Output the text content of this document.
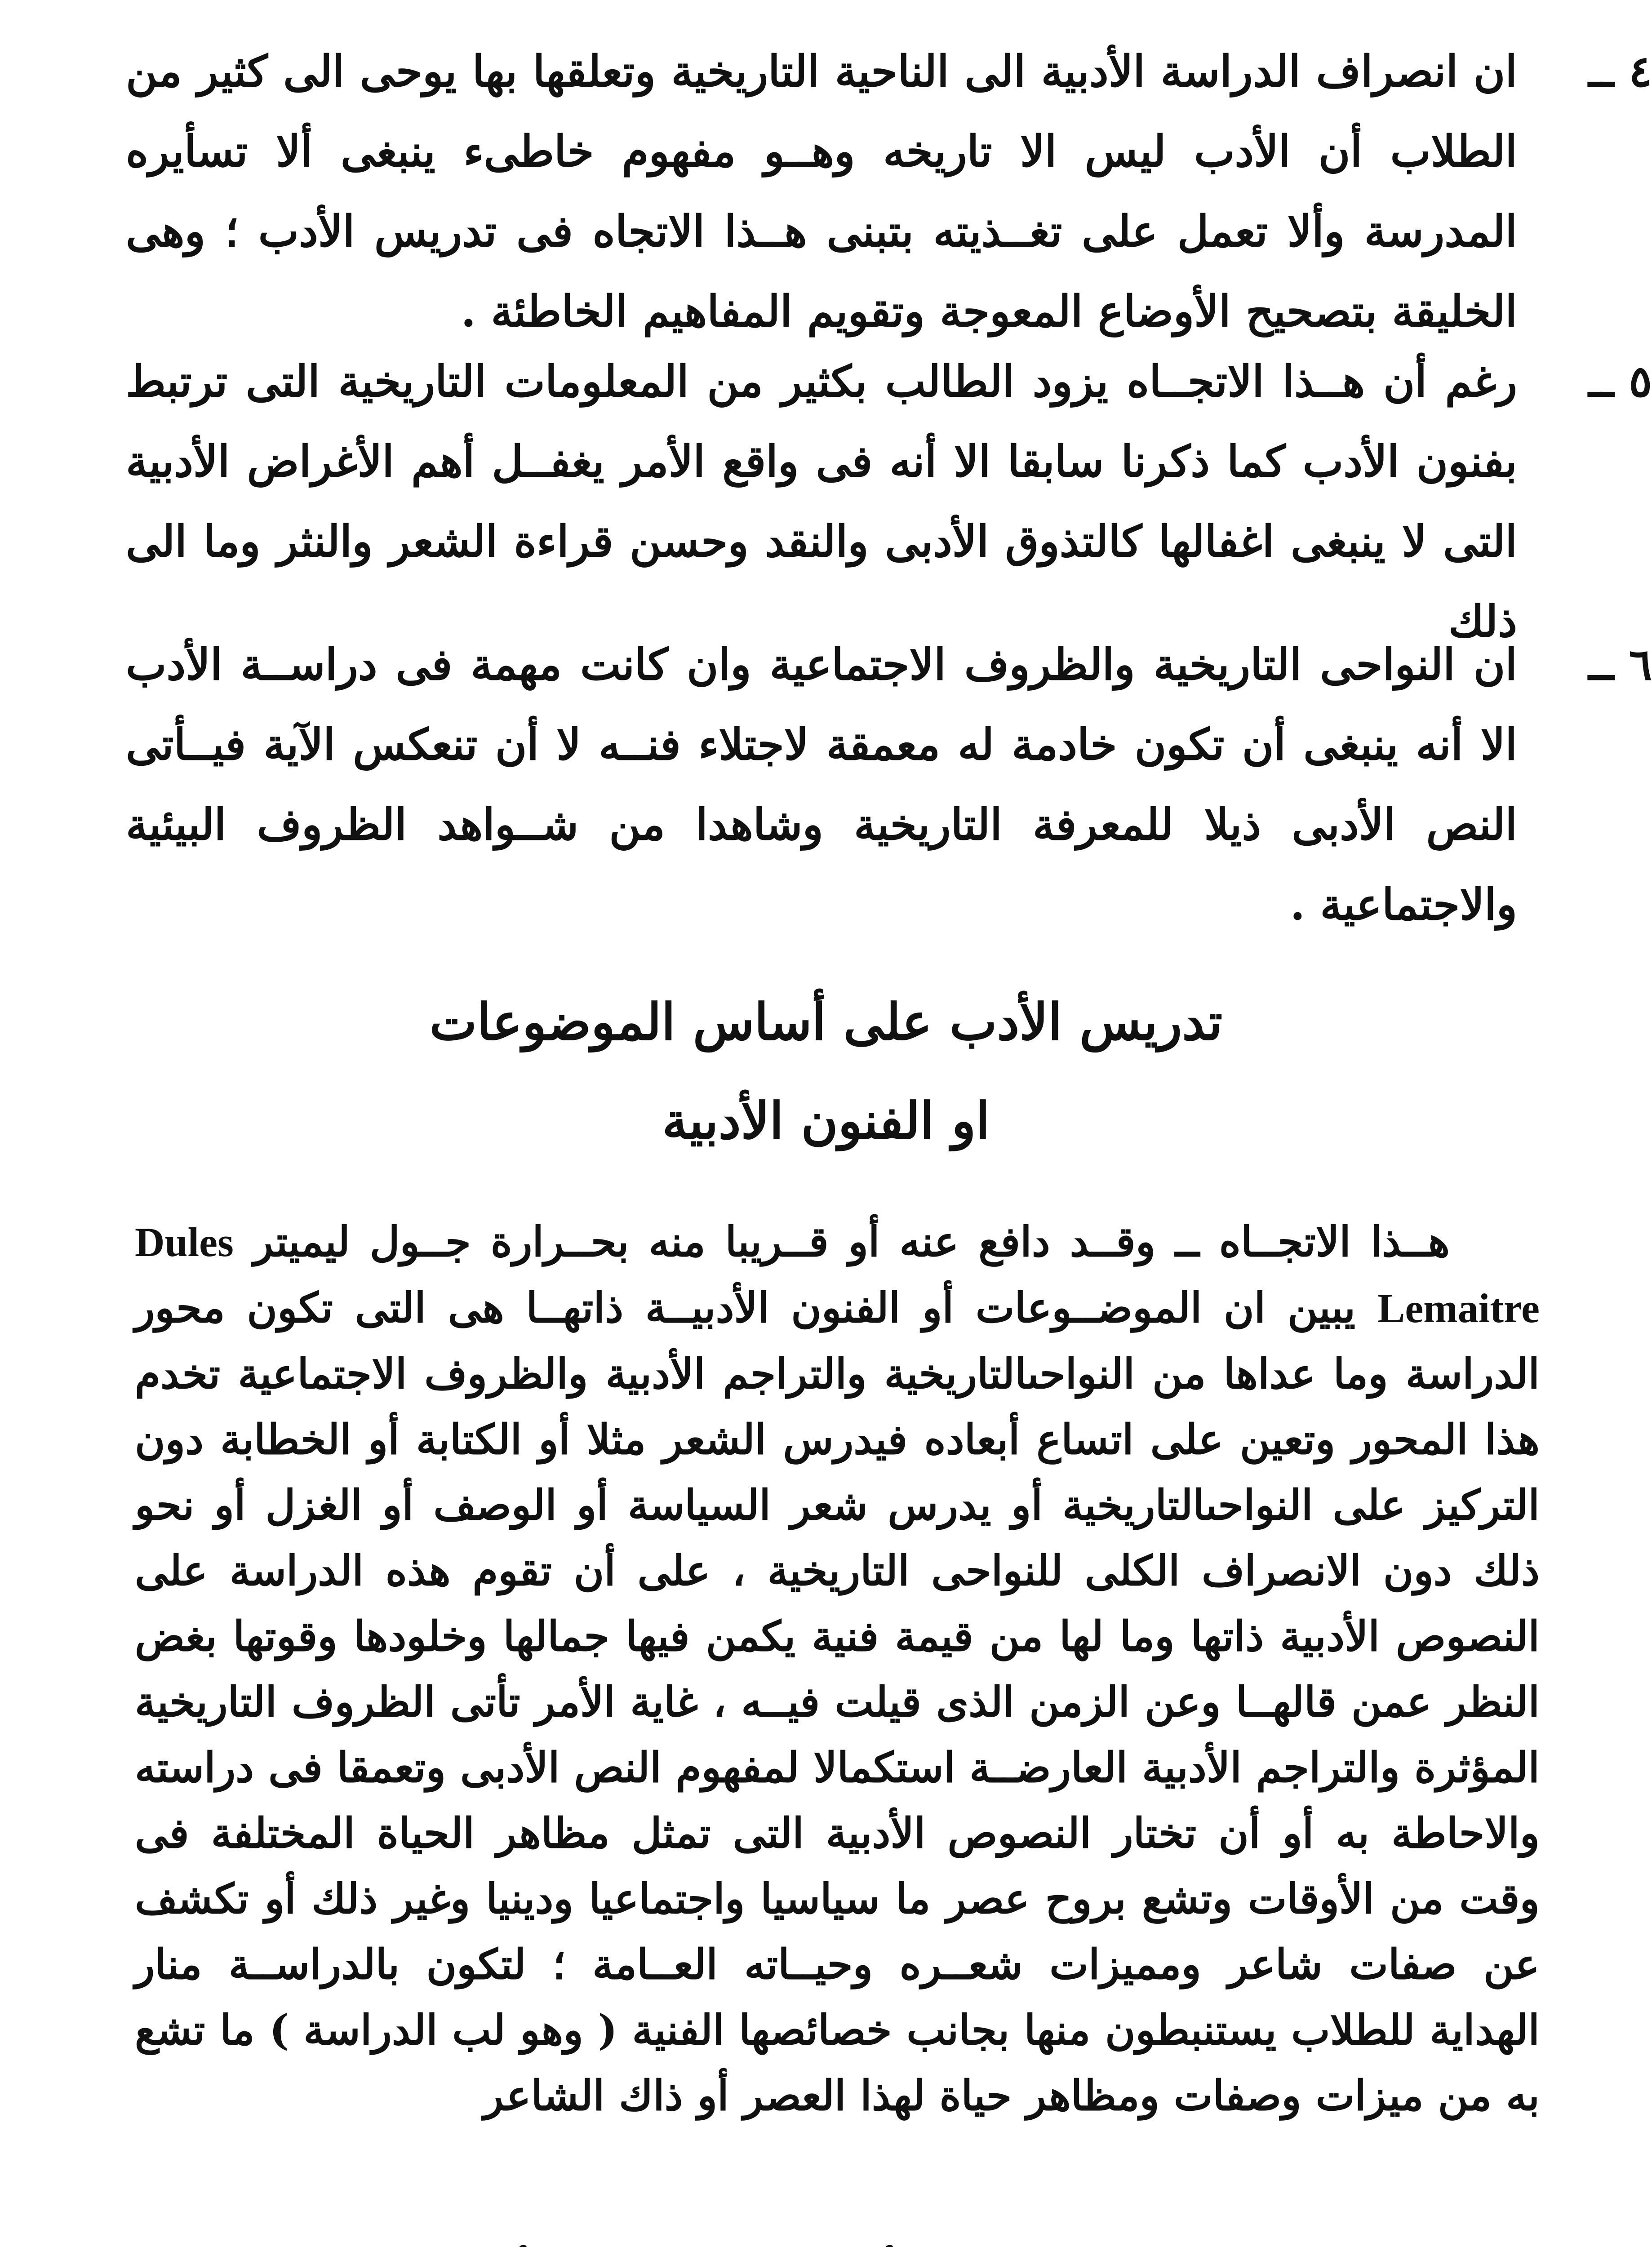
٤ ــ
ان انصراف الدراسة الأدبية الى الناحية التاريخية وتعلقها بها يوحى الى كثير من الطلاب أن الأدب ليس الا تاريخه وهــو مفهوم خاطىء ينبغى ألا تسأيره المدرسة وألا تعمل على تغــذيته بتبنى هــذا الاتجاه فى تدريس الأدب ؛ وهى الخليقة بتصحيح الأوضاع المعوجة وتقويم المفاهيم الخاطئة .
٥ ــ
رغم أن هــذا الاتجــاه يزود الطالب بكثير من المعلومات التاريخية التى ترتبط بفنون الأدب كما ذكرنا سابقا الا أنه فى واقع الأمر يغفــل أهم الأغراض الأدبية التى لا ينبغى اغفالها كالتذوق الأدبى والنقد وحسن قراءة الشعر والنثر وما الى ذلك
٦ ــ
ان النواحى التاريخية والظروف الاجتماعية وان كانت مهمة فى دراســة الأدب الا أنه ينبغى أن تكون خادمة له معمقة لاجتلاء فنــه لا أن تنعكس الآية فيــأتى النص الأدبى ذيلا للمعرفة التاريخية وشاهدا من شــواهد الظروف البيئية والاجتماعية .
تدريس الأدب على أساس الموضوعات
او الفنون الأدبية
هــذا الاتجــاه ــ وقــد دافع عنه أو قــريبا منه بحــرارة جــول ليميتر Dules Lemaitre يبين ان الموضــوعات أو الفنون الأدبيــة ذاتهــا هى التى تكون محور الدراسة وما عداها من النواحىالتاريخية والتراجم الأدبية والظروف الاجتماعية تخدم هذا المحور وتعين على اتساع أبعاده فيدرس الشعر مثلا أو الكتابة أو الخطابة دون التركيز على النواحىالتاريخية أو يدرس شعر السياسة أو الوصف أو الغزل أو نحو ذلك دون الانصراف الكلى للنواحى التاريخية ، على أن تقوم هذه الدراسة على النصوص الأدبية ذاتها وما لها من قيمة فنية يكمن فيها جمالها وخلودها وقوتها بغض النظر عمن قالهــا وعن الزمن الذى قيلت فيــه ، غاية الأمر تأتى الظروف التاريخية المؤثرة والتراجم الأدبية العارضــة استكمالا لمفهوم النص الأدبى وتعمقا فى دراسته والاحاطة به أو أن تختار النصوص الأدبية التى تمثل مظاهر الحياة المختلفة فى وقت من الأوقات وتشع بروح عصر ما سياسيا واجتماعيا ودينيا وغير ذلك أو تكشف عن صفات شاعر ومميزات شعــره وحيــاته العــامة ؛ لتكون بالدراســة منار الهداية للطلاب يستنبطون منها بجانب خصائصها الفنية ( وهو لب الدراسة ) ما تشع به من ميزات وصفات ومظاهر حياة لهذا العصر أو ذاك الشاعر
